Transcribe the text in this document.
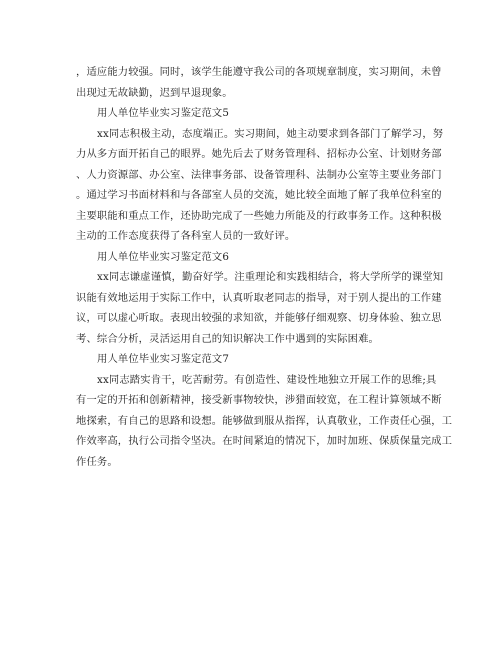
，适应能力较强。同时，该学生能遵守我公司的各项规章制度，实习期间，未曾
出现过无故缺勤，迟到早退现象。
用人单位毕业实习鉴定范文5
xx同志积极主动，态度端正。实习期间，她主动要求到各部门了解学习，努
力从多方面开拓自己的眼界。她先后去了财务管理科、招标办公室、计划财务部
、人力资源部、办公室、法律事务部、设备管理科、法制办公室等主要业务部门
。通过学习书面材料和与各部室人员的交流，她比较全面地了解了我单位科室的
主要职能和重点工作，还协助完成了一些她力所能及的行政事务工作。这种积极
主动的工作态度获得了各科室人员的一致好评。
用人单位毕业实习鉴定范文6
xx同志谦虚谨慎，勤奋好学。注重理论和实践相结合，将大学所学的课堂知
识能有效地运用于实际工作中，认真听取老同志的指导，对于别人提出的工作建
议，可以虚心听取。表现出较强的求知欲，并能够仔细观察、切身体验、独立思
考、综合分析，灵活运用自己的知识解决工作中遇到的实际困难。
用人单位毕业实习鉴定范文7
xx同志踏实肯干，吃苦耐劳。有创造性、建设性地独立开展工作的思维;具
有一定的开拓和创新精神，接受新事物较快，涉猎面较宽，在工程计算领域不断
地探索，有自己的思路和设想。能够做到服从指挥，认真敬业，工作责任心强，工
作效率高，执行公司指令坚决。在时间紧迫的情况下，加时加班、保质保量完成工
作任务。
